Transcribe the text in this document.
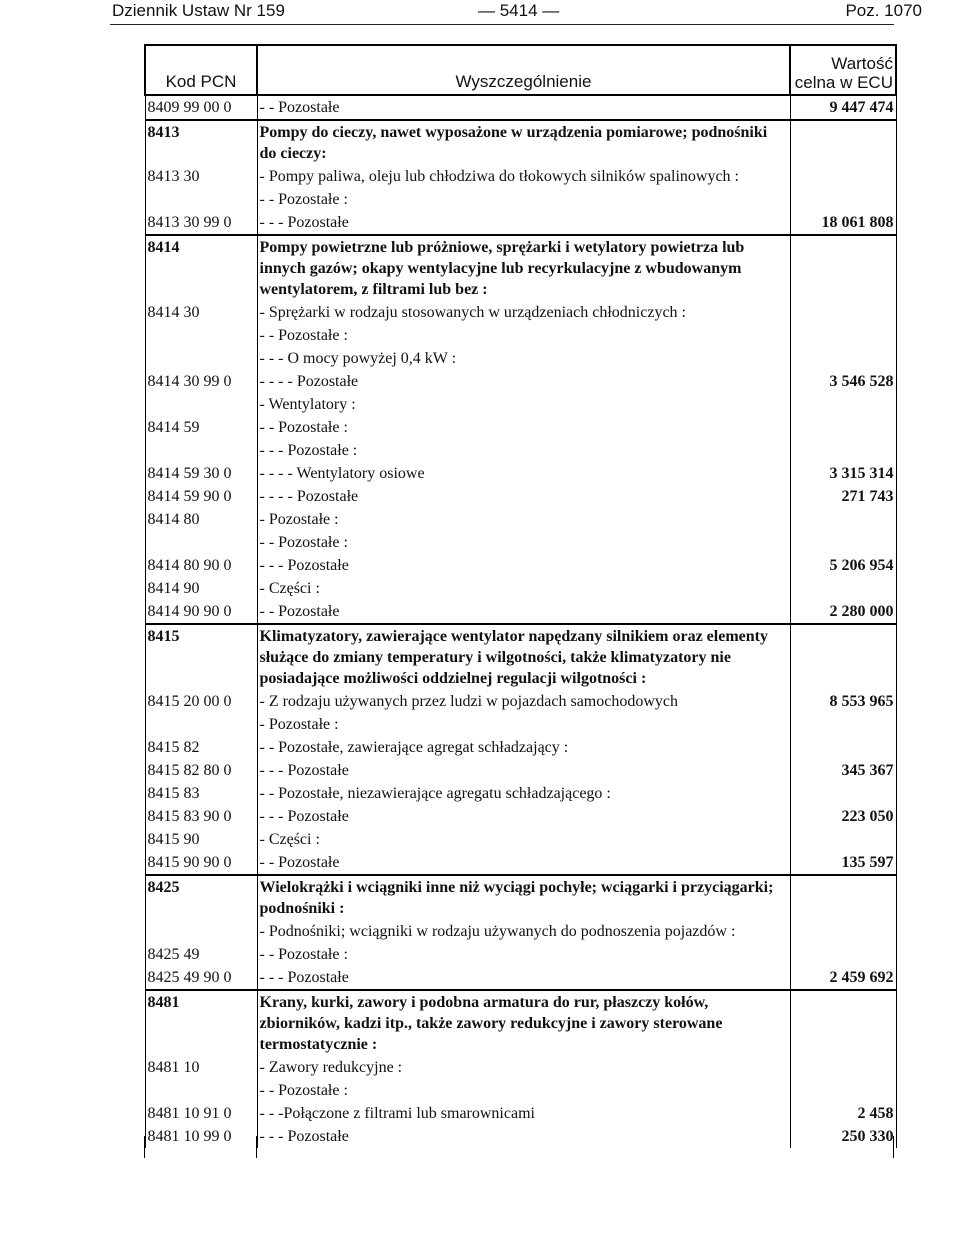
Dziennik Ustaw Nr 159	— 5414 —	Poz. 1070
Kod PCN	Wyszczególnienie	Wartość
celna w ECU

8409 99 00 0	- - Pozostałe	9 447 474
8413	Pompy do cieczy, nawet wyposażone w urządzenia pomiarowe; podnośniki do cieczy:	
8413 30	- Pompy paliwa, oleju lub chłodziwa do tłokowych silników spalinowych :	
	- - Pozostałe :	
8413 30 99 0	- - - Pozostałe	18 061 808
8414	Pompy powietrzne lub próżniowe, sprężarki i wetylatory powietrza lub innych gazów; okapy wentylacyjne lub recyrkulacyjne z wbudowanym wentylatorem, z filtrami lub bez :	
8414 30	- Sprężarki w rodzaju stosowanych w urządzeniach chłodniczych :	
	- - Pozostałe :	
	- - - O mocy powyżej 0,4 kW :	
8414 30 99 0	- - - - Pozostałe	3 546 528
	- Wentylatory :	
8414 59	- - Pozostałe :	
	- - - Pozostałe :	
8414 59 30 0	- - - - Wentylatory osiowe	3 315 314
8414 59 90 0	- - - - Pozostałe	271 743
8414 80	- Pozostałe :	
	- - Pozostałe :	
8414 80 90 0	- - - Pozostałe	5 206 954
8414 90	- Części :	
8414 90 90 0	- - Pozostałe	2 280 000
8415	Klimatyzatory, zawierające wentylator napędzany silnikiem oraz elementy służące do zmiany temperatury i wilgotności, także klimatyzatory nie posiadające możliwości oddzielnej regulacji wilgotności :	
8415 20 00 0	- Z rodzaju używanych przez ludzi w pojazdach samochodowych	8 553 965
	- Pozostałe :	
8415 82	- - Pozostałe, zawierające agregat schładzający :	
8415 82 80 0	- - - Pozostałe	345 367
8415 83	- - Pozostałe, niezawierające agregatu schładzającego :	
8415 83 90 0	- - - Pozostałe	223 050
8415 90	- Części :	
8415 90 90 0	- - Pozostałe	135 597
8425	Wielokrążki i wciągniki inne niż wyciągi pochyłe; wciągarki i przyciągarki; podnośniki :	
	- Podnośniki; wciągniki w rodzaju używanych do podnoszenia pojazdów :	
8425 49	- - Pozostałe :	
8425 49 90 0	- - - Pozostałe	2 459 692
8481	Krany, kurki, zawory i podobna armatura do rur, płaszczy kołów, zbiorników, kadzi itp., także zawory redukcyjne i zawory sterowane termostatycznie :	
8481 10	- Zawory redukcyjne :	
	- - Pozostałe :	
8481 10 91 0	- - -Połączone z filtrami lub smarownicami	2 458
8481 10 99 0	- - - Pozostałe	250 330
